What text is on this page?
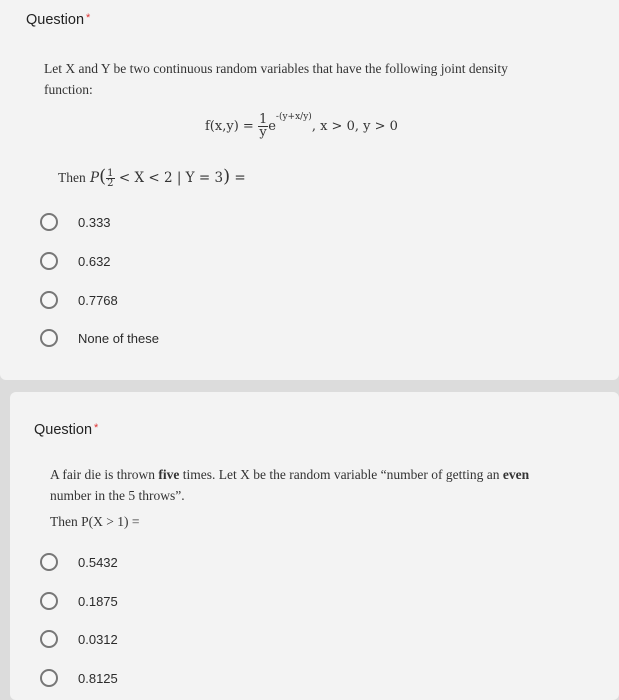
Question *
Let X and Y be two continuous random variables that have the following joint density
function:
$f(x,y) = \frac{1}{y} e^{-(y+x/y)}$, x > 0, y > 0
Then $P( \frac{1}{2} < X < 2$ | Y = 3) =
0.333
0.632
0.7768
None of these
Question *
A fair die is thrown five times. Let X be the random variable “number of getting an even
number in the 5 throws”.
Then P(X > 1) =
0.5432
0.1875
0.0312
0.8125
